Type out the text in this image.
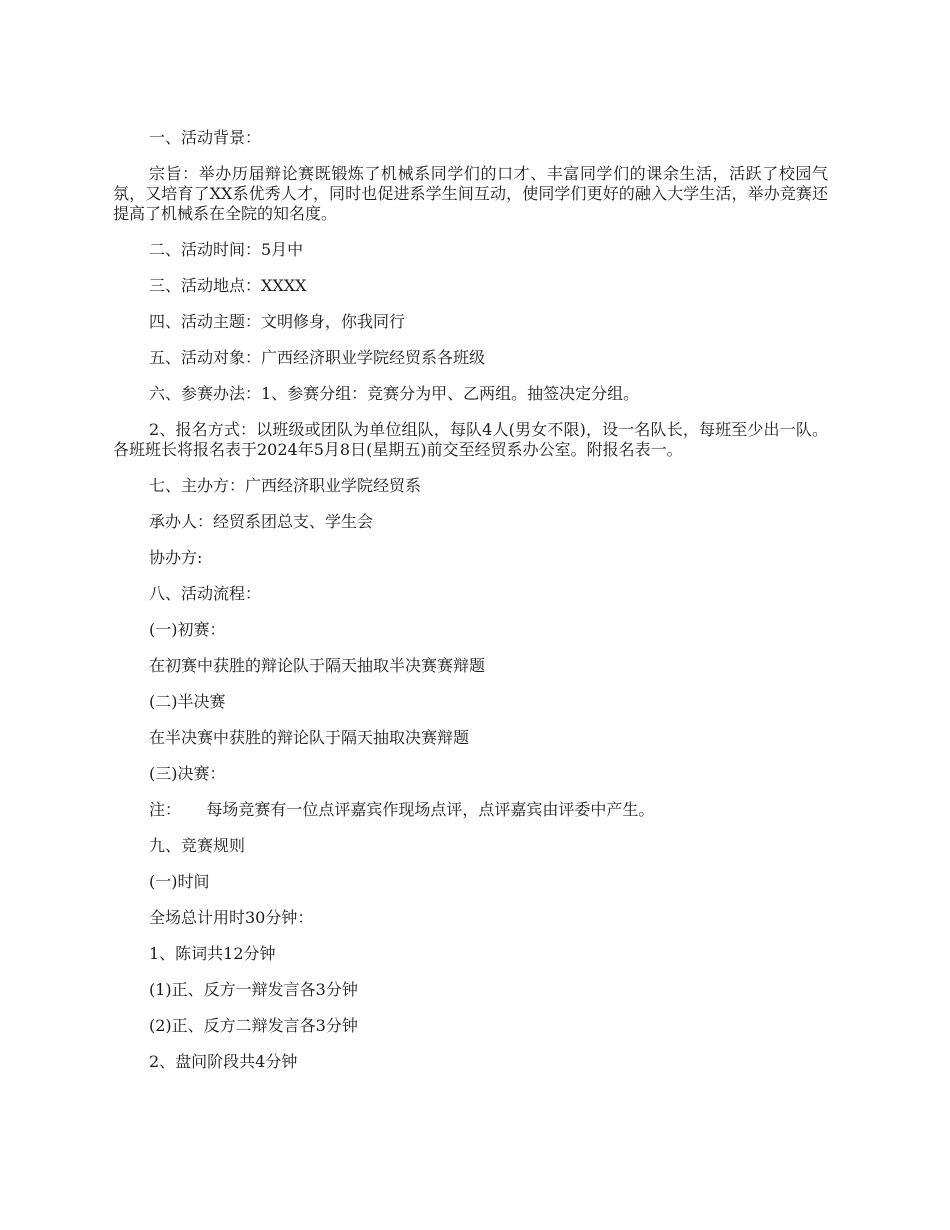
一、活动背景：

宗旨：举办历届辩论赛既锻炼了机械系同学们的口才、丰富同学们的课余生活，活跃了校园气氛，又培育了XX系优秀人才，同时也促进系学生间互动，使同学们更好的融入大学生活，举办竞赛还提高了机械系在全院的知名度。

二、活动时间：5月中

三、活动地点：XXXX

四、活动主题：文明修身，你我同行

五、活动对象：广西经济职业学院经贸系各班级

六、参赛办法：1、参赛分组：竞赛分为甲、乙两组。抽签决定分组。

2、报名方式：以班级或团队为单位组队，每队4人(男女不限)，设一名队长，每班至少出一队。各班班长将报名表于2024年5月8日(星期五)前交至经贸系办公室。附报名表一。

七、主办方：广西经济职业学院经贸系

承办人：经贸系团总支、学生会

协办方:

八、活动流程：

(一)初赛：

在初赛中获胜的辩论队于隔天抽取半决赛赛辩题

(二)半决赛

在半决赛中获胜的辩论队于隔天抽取决赛辩题

(三)决赛：

注：     每场竞赛有一位点评嘉宾作现场点评，点评嘉宾由评委中产生。

九、竞赛规则

(一)时间

全场总计用时30分钟：

1、陈词共12分钟

(1)正、反方一辩发言各3分钟

(2)正、反方二辩发言各3分钟

2、盘问阶段共4分钟
